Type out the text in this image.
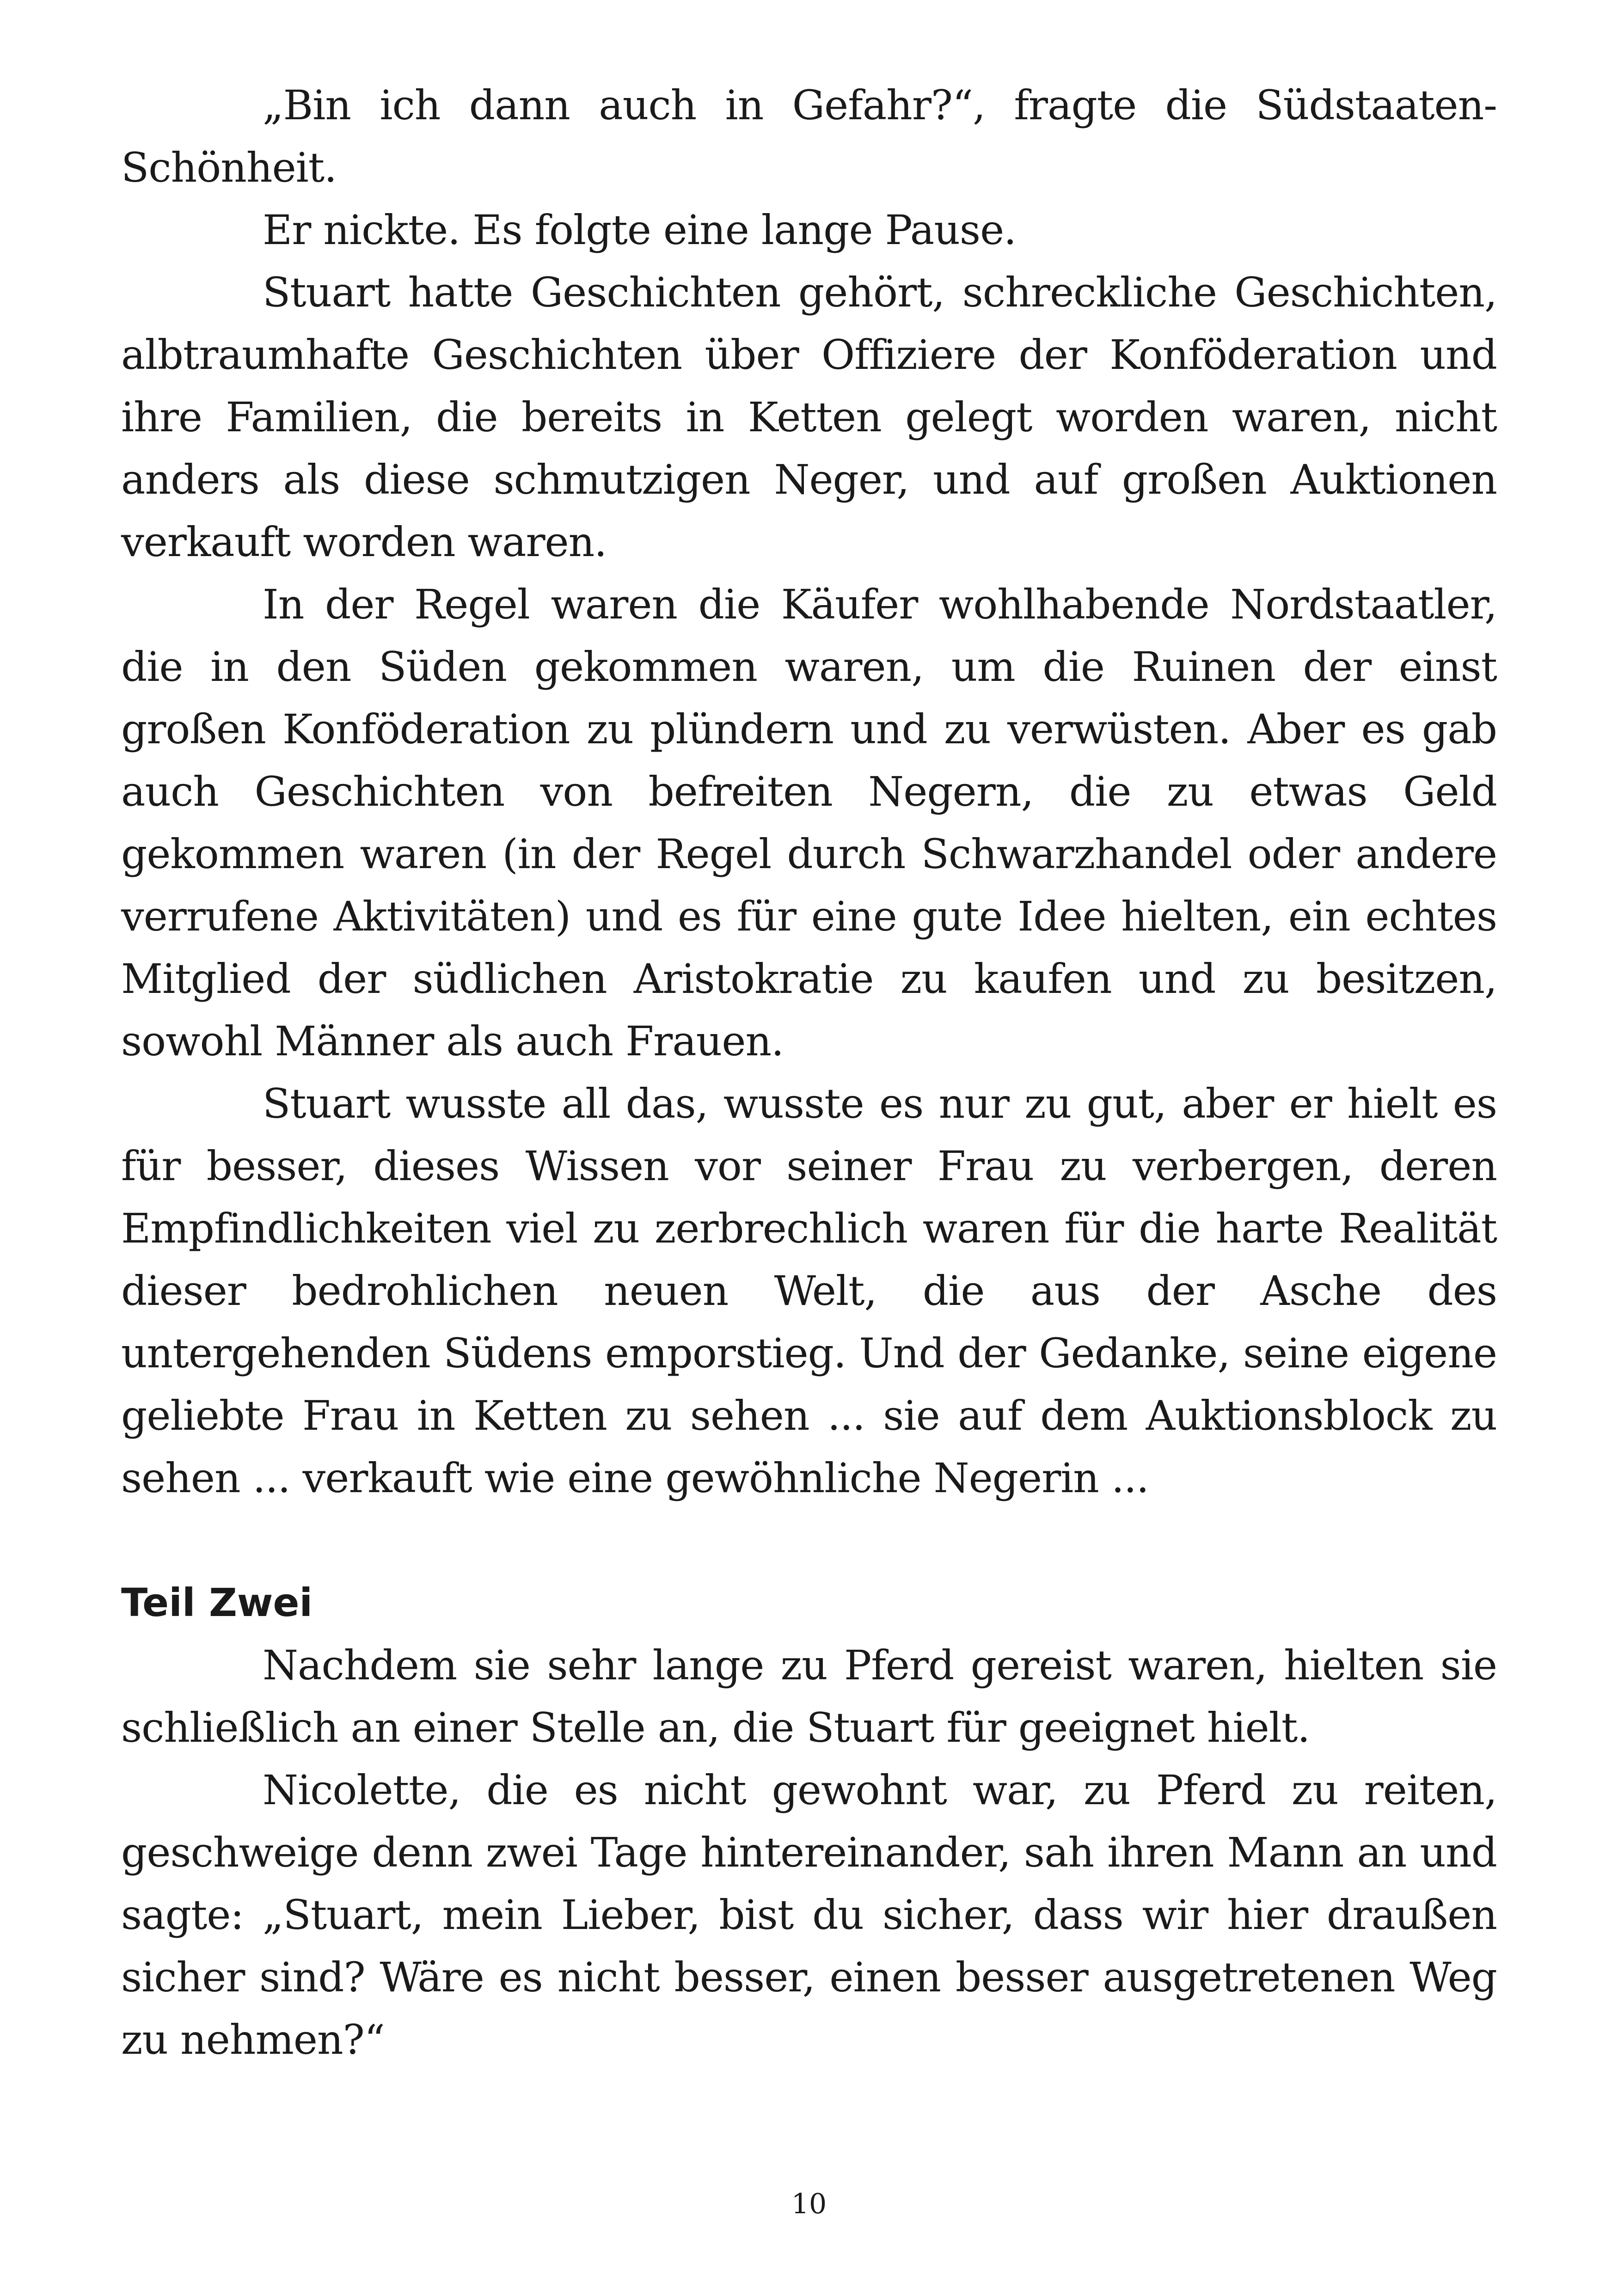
„Bin ich dann auch in Gefahr?“, fragte die Südstaaten-Schönheit.

Er nickte. Es folgte eine lange Pause.

Stuart hatte Geschichten gehört, schreckliche Geschichten, albtraumhafte Geschichten über Offiziere der Konföderation und ihre Familien, die bereits in Ketten gelegt worden waren, nicht anders als diese schmutzigen Neger, und auf großen Auktionen verkauft worden waren.

In der Regel waren die Käufer wohlhabende Nordstaatler, die in den Süden gekommen waren, um die Ruinen der einst großen Konföderation zu plündern und zu verwüsten. Aber es gab auch Geschichten von befreiten Negern, die zu etwas Geld gekommen waren (in der Regel durch Schwarzhandel oder andere verrufene Aktivitäten) und es für eine gute Idee hielten, ein echtes Mitglied der südlichen Aristokratie zu kaufen und zu besitzen, sowohl Männer als auch Frauen.

Stuart wusste all das, wusste es nur zu gut, aber er hielt es für besser, dieses Wissen vor seiner Frau zu verbergen, deren Empfindlichkeiten viel zu zerbrechlich waren für die harte Realität dieser bedrohlichen neuen Welt, die aus der Asche des untergehenden Südens emporstieg. Und der Gedanke, seine eigene geliebte Frau in Ketten zu sehen ... sie auf dem Auktionsblock zu sehen ... verkauft wie eine gewöhnliche Negerin ...

Teil Zwei

Nachdem sie sehr lange zu Pferd gereist waren, hielten sie schließlich an einer Stelle an, die Stuart für geeignet hielt.

Nicolette, die es nicht gewohnt war, zu Pferd zu reiten, geschweige denn zwei Tage hintereinander, sah ihren Mann an und sagte: „Stuart, mein Lieber, bist du sicher, dass wir hier draußen sicher sind? Wäre es nicht besser, einen besser ausgetretenen Weg zu nehmen?“

10
